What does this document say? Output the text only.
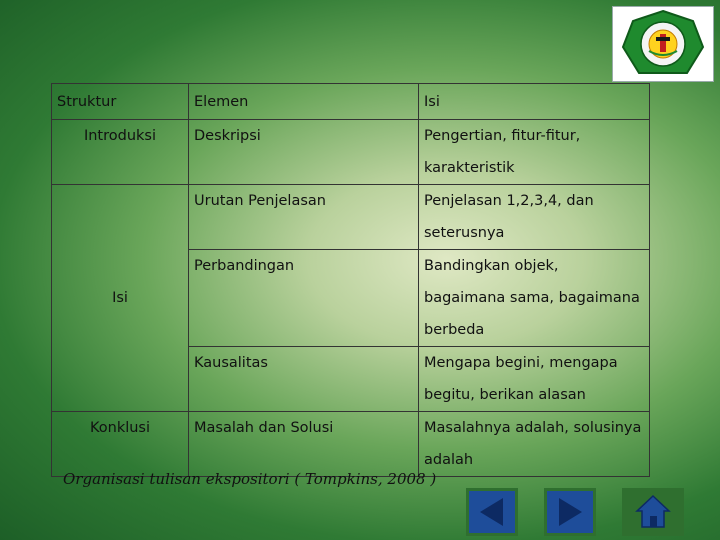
Struktur	Elemen	Isi
Introduksi	Deskripsi	Pengertian, fitur-fitur, karakteristik
Isi	Urutan Penjelasan	Penjelasan 1,2,3,4, dan seterusnya
	Perbandingan	Bandingkan objek, bagaimana sama, bagaimana berbeda
	Kausalitas	Mengapa begini, mengapa begitu, berikan alasan
Konklusi	Masalah dan Solusi	Masalahnya adalah, solusinya adalah
Organisasi tulisan ekspositori ( Tompkins, 2008 )
